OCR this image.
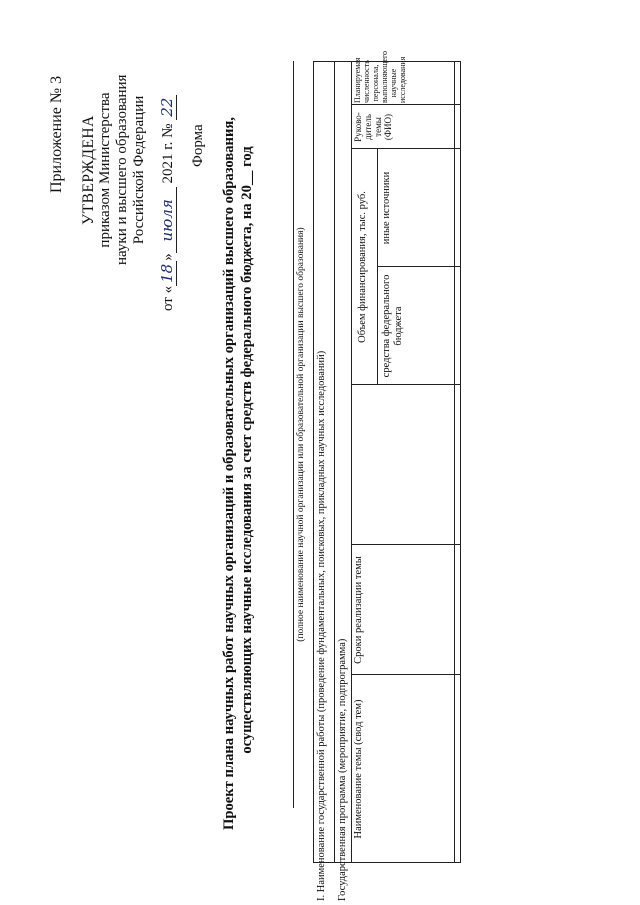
Приложение № 3 УТВЕРЖДЕНА приказом Министерства науки и высшего образования Российской Федерации
от «18»июля 2021 г. № 22
Форма Проект плана научных работ научных организаций и образовательных организаций высшего образования, осуществляющих научные исследования за счет средств федерального бюджета, на 20__ год	(полное наименование научной организации или образовательной организации высшего образования) I. Наименование государственной работы (проведение фундаментальных, поисковых, прикладных научных исследований) Государственная программа (мероприятие, подпрограмма) Наименование темы (свод тем)
Сроки реализации темы
Объем финансирования, тыс. руб. средства федерального бюджета
иные источники
Руково-дитель темы (ФИО)
Планируемая численность персонала, выполняющего научные исследования
